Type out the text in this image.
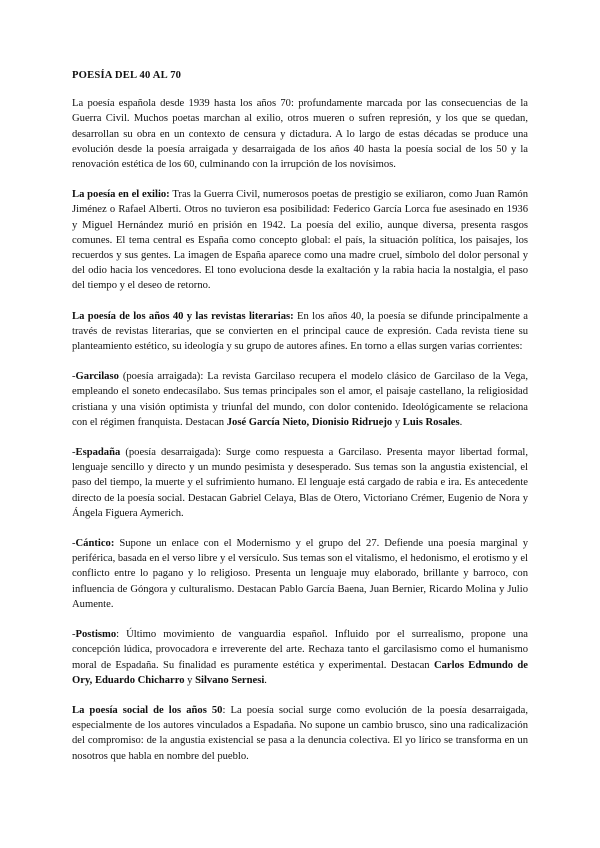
POESÍA DEL 40 AL 70

La poesía española desde 1939 hasta los años 70: profundamente marcada por las consecuencias de la Guerra Civil. Muchos poetas marchan al exilio, otros mueren o sufren represión, y los que se quedan, desarrollan su obra en un contexto de censura y dictadura. A lo largo de estas décadas se produce una evolución desde la poesía arraigada y desarraigada de los años 40 hasta la poesía social de los 50 y la renovación estética de los 60, culminando con la irrupción de los novísimos.

La poesía en el exilio: Tras la Guerra Civil, numerosos poetas de prestigio se exiliaron, como Juan Ramón Jiménez o Rafael Alberti. Otros no tuvieron esa posibilidad: Federico García Lorca fue asesinado en 1936 y Miguel Hernández murió en prisión en 1942. La poesía del exilio, aunque diversa, presenta rasgos comunes. El tema central es España como concepto global: el país, la situación política, los paisajes, los recuerdos y sus gentes. La imagen de España aparece como una madre cruel, símbolo del dolor personal y del odio hacia los vencedores. El tono evoluciona desde la exaltación y la rabia hacia la nostalgia, el paso del tiempo y el deseo de retorno.

La poesía de los años 40 y las revistas literarias: En los años 40, la poesía se difunde principalmente a través de revistas literarias, que se convierten en el principal cauce de expresión. Cada revista tiene su planteamiento estético, su ideología y su grupo de autores afines. En torno a ellas surgen varias corrientes:

-Garcilaso (poesía arraigada): La revista Garcilaso recupera el modelo clásico de Garcilaso de la Vega, empleando el soneto endecasílabo. Sus temas principales son el amor, el paisaje castellano, la religiosidad cristiana y una visión optimista y triunfal del mundo, con dolor contenido. Ideológicamente se relaciona con el régimen franquista. Destacan José García Nieto, Dionisio Ridruejo y Luis Rosales.

-Espadaña (poesía desarraigada): Surge como respuesta a Garcilaso. Presenta mayor libertad formal, lenguaje sencillo y directo y un mundo pesimista y desesperado. Sus temas son la angustia existencial, el paso del tiempo, la muerte y el sufrimiento humano. El lenguaje está cargado de rabia e ira. Es antecedente directo de la poesía social. Destacan Gabriel Celaya, Blas de Otero, Victoriano Crémer, Eugenio de Nora y Ángela Figuera Aymerich.

-Cántico: Supone un enlace con el Modernismo y el grupo del 27. Defiende una poesía marginal y periférica, basada en el verso libre y el versículo. Sus temas son el vitalismo, el hedonismo, el erotismo y el conflicto entre lo pagano y lo religioso. Presenta un lenguaje muy elaborado, brillante y barroco, con influencia de Góngora y culturalismo. Destacan Pablo García Baena, Juan Bernier, Ricardo Molina y Julio Aumente.

-Postismo: Último movimiento de vanguardia español. Influido por el surrealismo, propone una concepción lúdica, provocadora e irreverente del arte. Rechaza tanto el garcilasismo como el humanismo moral de Espadaña. Su finalidad es puramente estética y experimental. Destacan Carlos Edmundo de Ory, Eduardo Chicharro y Silvano Sernesi.

La poesía social de los años 50: La poesía social surge como evolución de la poesía desarraigada, especialmente de los autores vinculados a Espadaña. No supone un cambio brusco, sino una radicalización del compromiso: de la angustia existencial se pasa a la denuncia colectiva. El yo lírico se transforma en un nosotros que habla en nombre del pueblo.
